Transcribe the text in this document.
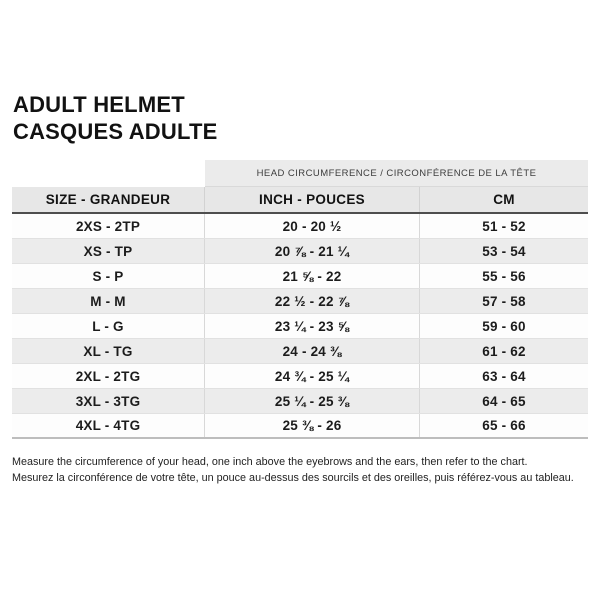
ADULT HELMET
CASQUES ADULTE
HEAD CIRCUMFERENCE / CIRCONFÉRENCE DE LA TÊTE
SIZE - GRANDEUR	INCH - POUCES	CM
2XS - 2TP	20 - 20 ½	51 - 52
XS - TP	20 ⅞ - 21 ¼	53 - 54
S - P	21 ⅝ - 22	55 - 56
M - M	22 ½ - 22 ⅞	57 - 58
L - G	23 ¼ - 23 ⅝	59 - 60
XL - TG	24 - 24 ⅜	61 - 62
2XL - 2TG	24 ¾ - 25 ¼	63 - 64
3XL - 3TG	25 ¼ - 25 ⅜	64 - 65
4XL - 4TG	25 ⅜ - 26	65 - 66
Measure the circumference of your head, one inch above the eyebrows and the ears, then refer to the chart.
Mesurez la circonférence de votre tête, un pouce au-dessus des sourcils et des oreilles, puis référez-vous au tableau.
